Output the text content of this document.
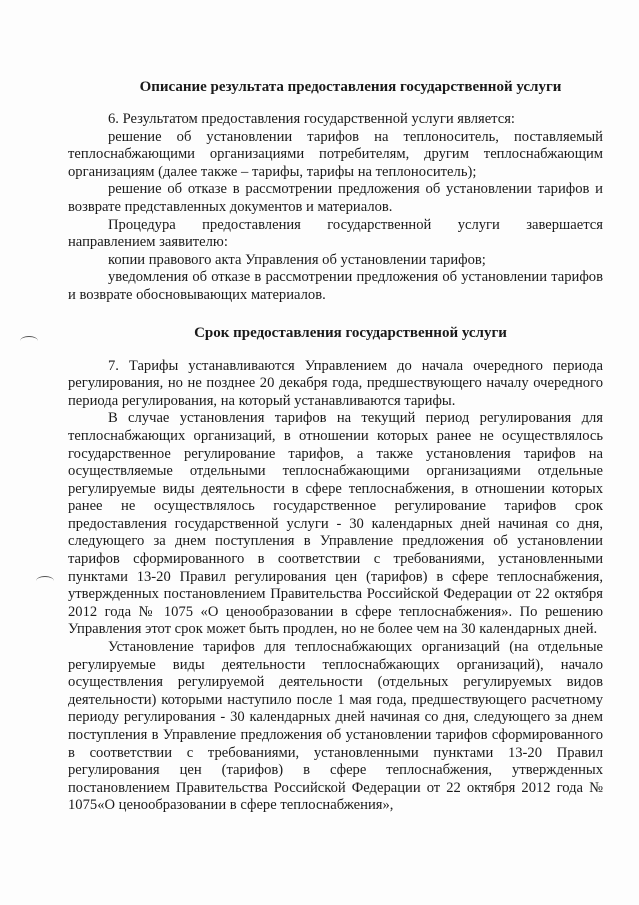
Описание результата предоставления государственной услуги

6. Результатом предоставления государственной услуги является:

решение об установлении тарифов на теплоноситель, поставляемый теплоснабжающими организациями потребителям, другим теплоснабжающим организациям (далее также – тарифы, тарифы на теплоноситель);

решение об отказе в рассмотрении предложения об установлении тарифов и возврате представленных документов и материалов.

Процедура предоставления государственной услуги завершается направлением заявителю:

копии правового акта Управления об установлении тарифов;

уведомления об отказе в рассмотрении предложения об установлении тарифов и возврате обосновывающих материалов.

Срок предоставления государственной услуги

7. Тарифы устанавливаются Управлением до начала очередного периода регулирования, но не позднее 20 декабря года, предшествующего началу очередного периода регулирования, на который устанавливаются тарифы.

В случае установления тарифов на текущий период регулирования для теплоснабжающих организаций, в отношении которых ранее не осуществлялось государственное регулирование тарифов, а также установления тарифов на осуществляемые отдельными теплоснабжающими организациями отдельные регулируемые виды деятельности в сфере теплоснабжения, в отношении которых ранее не осуществлялось государственное регулирование тарифов срок предоставления государственной услуги - 30 календарных дней начиная со дня, следующего за днем поступления в Управление предложения об установлении тарифов сформированного в соответствии с требованиями, установленными пунктами 13-20 Правил регулирования цен (тарифов) в сфере теплоснабжения, утвержденных постановлением Правительства Российской Федерации от 22 октября 2012 года № 1075 «О ценообразовании в сфере теплоснабжения». По решению Управления этот срок может быть продлен, но не более чем на 30 календарных дней.

Установление тарифов для теплоснабжающих организаций (на отдельные регулируемые виды деятельности теплоснабжающих организаций), начало осуществления регулируемой деятельности (отдельных регулируемых видов деятельности) которыми наступило после 1 мая года, предшествующего расчетному периоду регулирования - 30 календарных дней начиная со дня, следующего за днем поступления в Управление предложения об установлении тарифов сформированного в соответствии с требованиями, установленными пунктами 13-20 Правил регулирования цен (тарифов) в сфере теплоснабжения, утвержденных постановлением Правительства Российской Федерации от 22 октября 2012 года № 1075«О ценообразовании в сфере теплоснабжения»,
